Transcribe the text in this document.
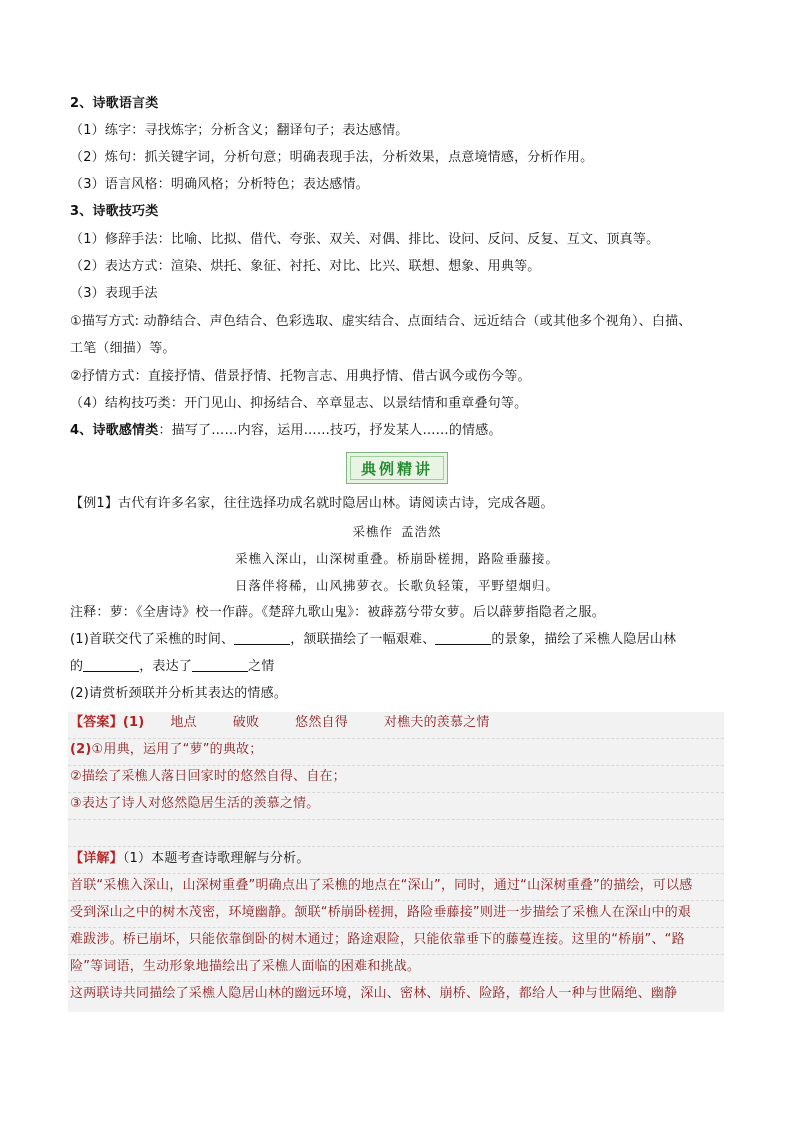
2、诗歌语言类
（1）练字：寻找炼字；分析含义；翻译句子；表达感情。
（2）炼句：抓关键字词，分析句意；明确表现手法，分析效果，点意境情感，分析作用。
（3）语言风格：明确风格；分析特色；表达感情。
3、诗歌技巧类
（1）修辞手法：比喻、比拟、借代、夸张、双关、对偶、排比、设问、反问、反复、互文、顶真等。
（2）表达方式：渲染、烘托、象征、衬托、对比、比兴、联想、想象、用典等。
（3）表现手法
①描写方式: 动静结合、声色结合、色彩选取、虚实结合、点面结合、远近结合（或其他多个视角）、白描、
工笔（细描）等。
②抒情方式：直接抒情、借景抒情、托物言志、用典抒情、借古讽今或伤今等。
（4）结构技巧类：开门见山、抑扬结合、卒章显志、以景结情和重章叠句等。
4、诗歌感情类：描写了……内容，运用……技巧，抒发某人……的情感。
典例精讲
【例1】古代有许多名家，往往选择功成名就时隐居山林。请阅读古诗，完成各题。
采樵作 孟浩然
采樵入深山，山深树重叠。桥崩卧槎拥，路险垂藤接。
日落伴将稀，山风拂萝衣。长歌负轻策，平野望烟归。
注释：萝：《全唐诗》校一作薜。《楚辞九歌山鬼》：被薜荔兮带女萝。后以薜萝指隐者之服。
(1)首联交代了采樵的时间、	，颔联描绘了一幅艰难、	的景象，描绘了采樵人隐居山林
的	，表达了	之情
(2)请赏析颈联并分析其表达的情感。
【答案】(1) 地点	破败	悠然自得	对樵夫的羡慕之情
(2)①用典，运用了“萝”的典故；
②描绘了采樵人落日回家时的悠然自得、自在；
③表达了诗人对悠然隐居生活的羡慕之情。
【详解】（1）本题考查诗歌理解与分析。
首联“采樵入深山，山深树重叠”明确点出了采樵的地点在“深山”，同时，通过“山深树重叠”的描绘，可以感
受到深山之中的树木茂密，环境幽静。颔联“桥崩卧槎拥，路险垂藤接”则进一步描绘了采樵人在深山中的艰
难跋涉。桥已崩坏，只能依靠倒卧的树木通过；路途艰险，只能依靠垂下的藤蔓连接。这里的“桥崩”、“路
险”等词语，生动形象地描绘出了采樵人面临的困难和挑战。
这两联诗共同描绘了采樵人隐居山林的幽远环境，深山、密林、崩桥、险路，都给人一种与世隔绝、幽静
